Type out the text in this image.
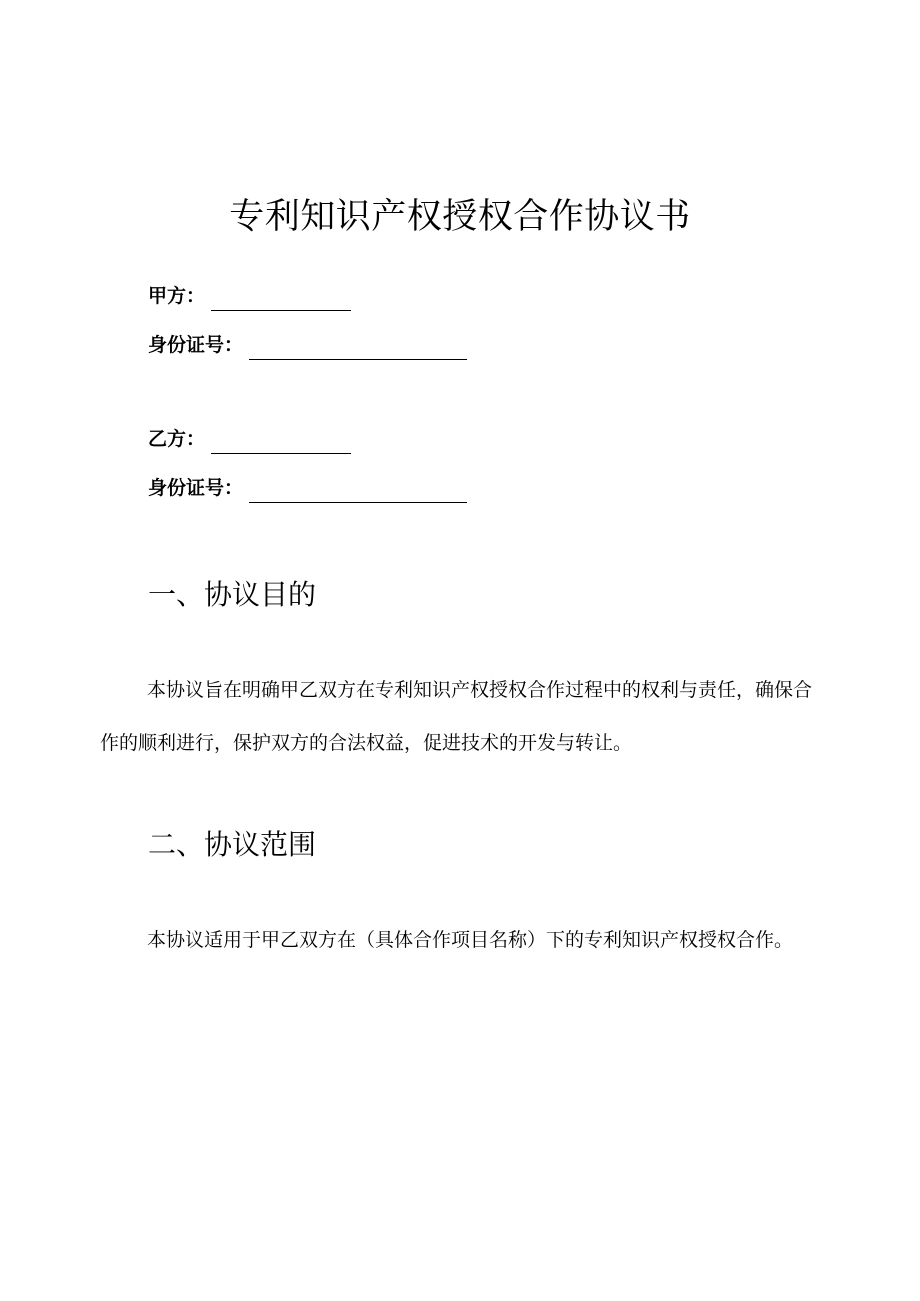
专利知识产权授权合作协议书
甲方：
身份证号：
乙方：
身份证号：
一、协议目的

本协议旨在明确甲乙双方在专利知识产权授权合作过程中的权利与责任，确保合作的顺利进行，保护双方的合法权益，促进技术的开发与转让。

二、协议范围

本协议适用于甲乙双方在（具体合作项目名称）下的专利知识产权授权合作。
